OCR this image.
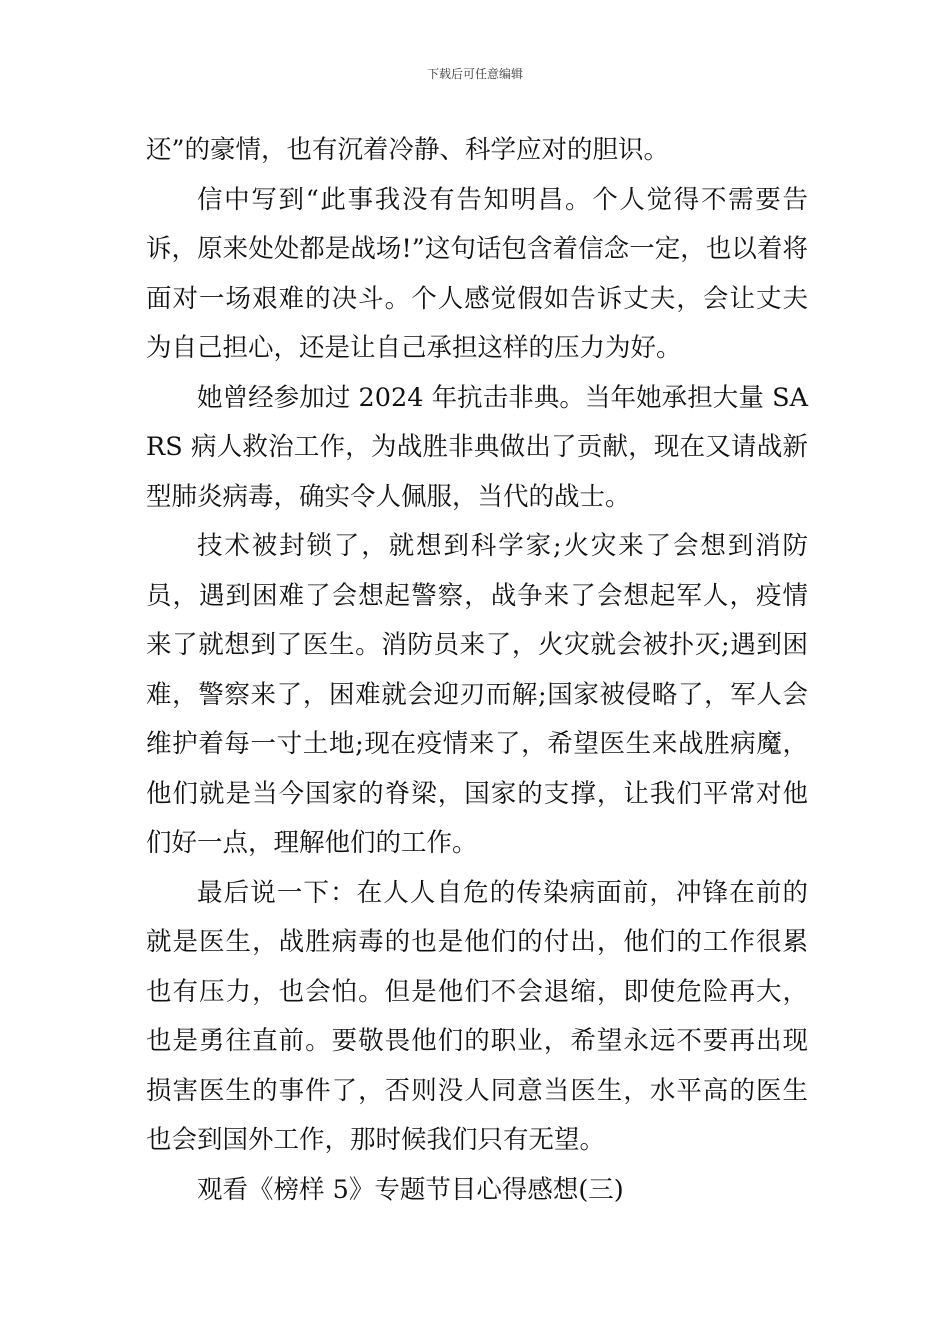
下载后可任意编辑

还”的豪情，也有沉着冷静、科学应对的胆识。

信中写到“此事我没有告知明昌。个人觉得不需要告诉，原来处处都是战场!”这句话包含着信念一定，也以着将面对一场艰难的决斗。个人感觉假如告诉丈夫，会让丈夫为自己担心，还是让自己承担这样的压力为好。

她曾经参加过 2024 年抗击非典。当年她承担大量 SARS 病人救治工作，为战胜非典做出了贡献，现在又请战新型肺炎病毒，确实令人佩服，当代的战士。

技术被封锁了，就想到科学家;火灾来了会想到消防员，遇到困难了会想起警察，战争来了会想起军人，疫情来了就想到了医生。消防员来了，火灾就会被扑灭;遇到困难，警察来了，困难就会迎刃而解;国家被侵略了，军人会维护着每一寸土地;现在疫情来了，希望医生来战胜病魔，他们就是当今国家的脊梁，国家的支撑，让我们平常对他们好一点，理解他们的工作。

最后说一下：在人人自危的传染病面前，冲锋在前的就是医生，战胜病毒的也是他们的付出，他们的工作很累也有压力，也会怕。但是他们不会退缩，即使危险再大，也是勇往直前。要敬畏他们的职业，希望永远不要再出现损害医生的事件了，否则没人同意当医生，水平高的医生也会到国外工作，那时候我们只有无望。

观看《榜样 5》专题节目心得感想(三)
